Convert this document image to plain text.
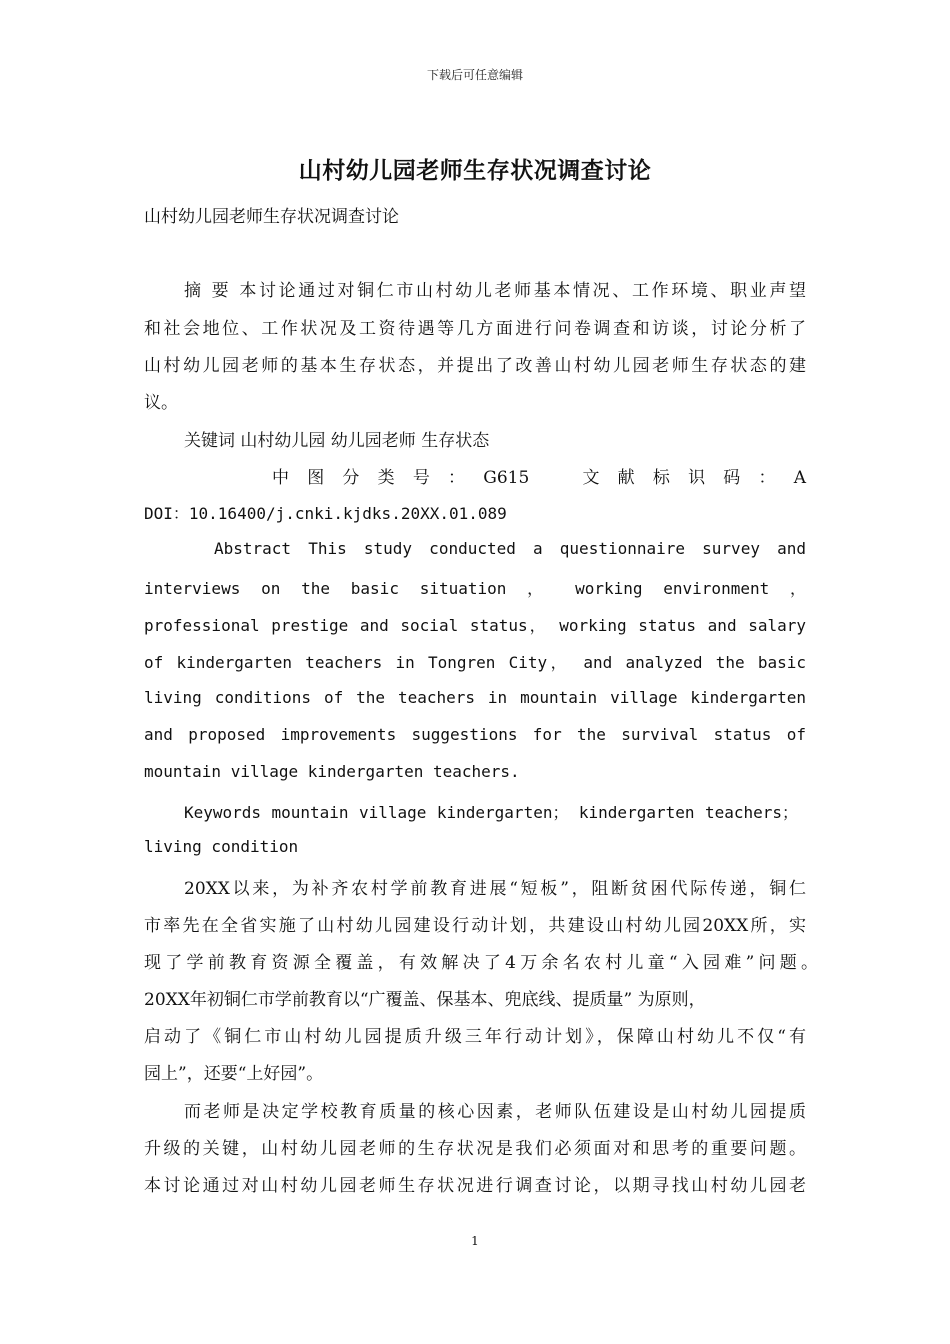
下载后可任意编辑
山村幼儿园老师生存状况调查讨论
山村幼儿园老师生存状况调查讨论
摘 要 本讨论通过对铜仁市山村幼儿老师基本情况、工作环境、职业声望
和社会地位、工作状况及工资待遇等几方面进行问卷调查和访谈，讨论分析了
山村幼儿园老师的基本生存状态，并提出了改善山村幼儿园老师生存状态的建
议。
关键词 山村幼儿园 幼儿园老师 生存状态
中 图 分 类 号 ： G615　　文 献 标 识 码 ： A
DOI：10.16400/j.cnki.kjdks.20XX.01.089
Abstract This study conducted a questionnaire survey and
interviews on the basic situation ， working environment ，
professional prestige and social status， working status and salary
of kindergarten teachers in Tongren City， and analyzed the basic
living conditions of the teachers in mountain village kindergarten
and proposed improvements suggestions for the survival status of
mountain village kindergarten teachers.
Keywords mountain village kindergarten； kindergarten teachers；
living condition
20XX以来，为补齐农村学前教育进展“短板”，阻断贫困代际传递，铜仁
市率先在全省实施了山村幼儿园建设行动计划，共建设山村幼儿园20XX所，实
现了学前教育资源全覆盖，有效解决了4万余名农村儿童“入园难”问题。
20XX年初铜仁市学前教育以“广覆盖、保基本、兜底线、提质量” 为原则，
启动了《铜仁市山村幼儿园提质升级三年行动计划》，保障山村幼儿不仅“有
园上”，还要“上好园”。
而老师是决定学校教育质量的核心因素，老师队伍建设是山村幼儿园提质
升级的关键，山村幼儿园老师的生存状况是我们必须面对和思考的重要问题。
本讨论通过对山村幼儿园老师生存状况进行调查讨论，以期寻找山村幼儿园老
1
